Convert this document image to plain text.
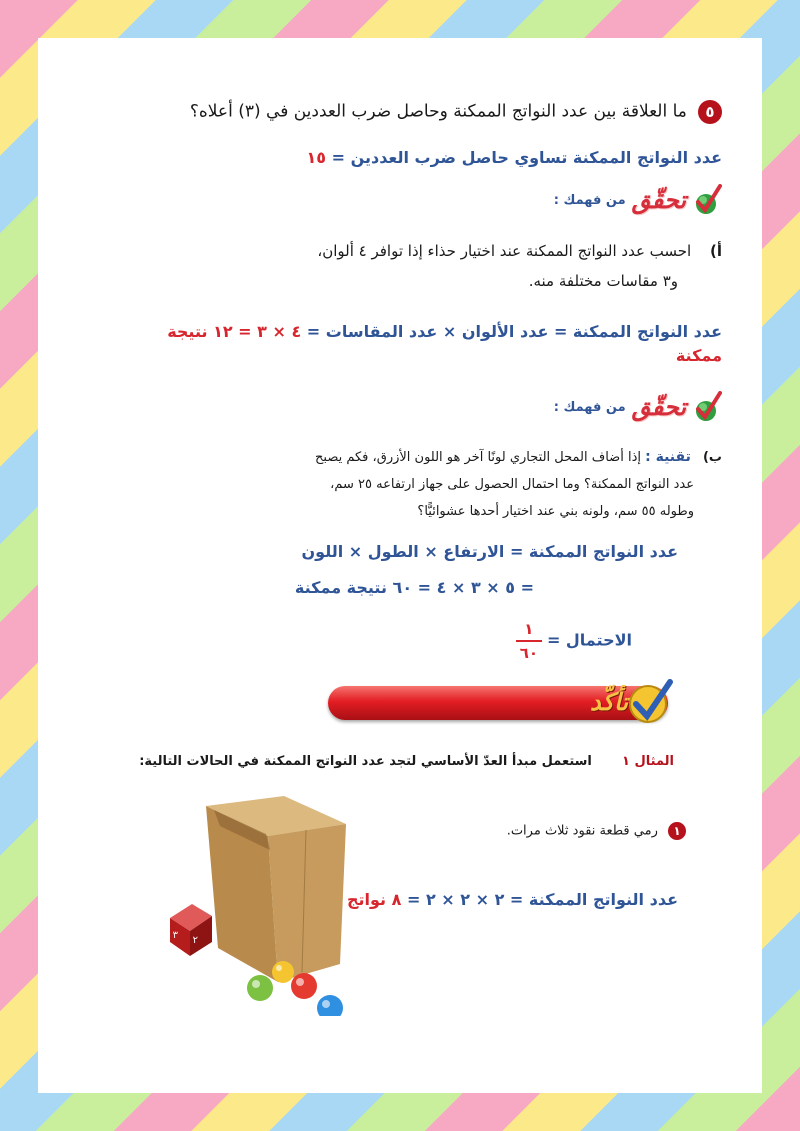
٥ ما العلاقة بين عدد النواتج الممكنة وحاصل ضرب العددين في (٣) أعلاه؟
عدد النواتج الممكنة تساوي حاصل ضرب العددين = ١٥
تحقّق
من فهمك :
أ) احسب عدد النواتج الممكنة عند اختيار حذاء إذا توافر ٤ ألوان،
و٣ مقاسات مختلفة منه.
عدد النواتج الممكنة = عدد الألوان × عدد المقاسات = ٤ × ٣ = ١٢ نتيجة
ممكنة
تحقّق
من فهمك :
ب) تقنية : إذا أضاف المحل التجاري لونًا آخر هو اللون الأزرق، فكم يصبح
عدد النواتج الممكنة؟ وما احتمال الحصول على جهاز ارتفاعه ٢٥ سم،
وطوله ٥٥ سم، ولونه بني عند اختيار أحدها عشوائيًّا؟
عدد النواتج الممكنة = الارتفاع × الطول × اللون
= ٥ × ٣ × ٤ = ٦٠ نتيجة ممكنة
الاحتمال =
$\frac{١}{٦٠}$
تأكّد
المثال ١ استعمل مبدأ العدّ الأساسي لتجد عدد النواتج الممكنة في الحالات التالية:
١ رمي قطعة نقود ثلاث مرات.
عدد النواتج الممكنة = ٢ × ٢ × ٢ = ٨ نواتج
٣ ٢
